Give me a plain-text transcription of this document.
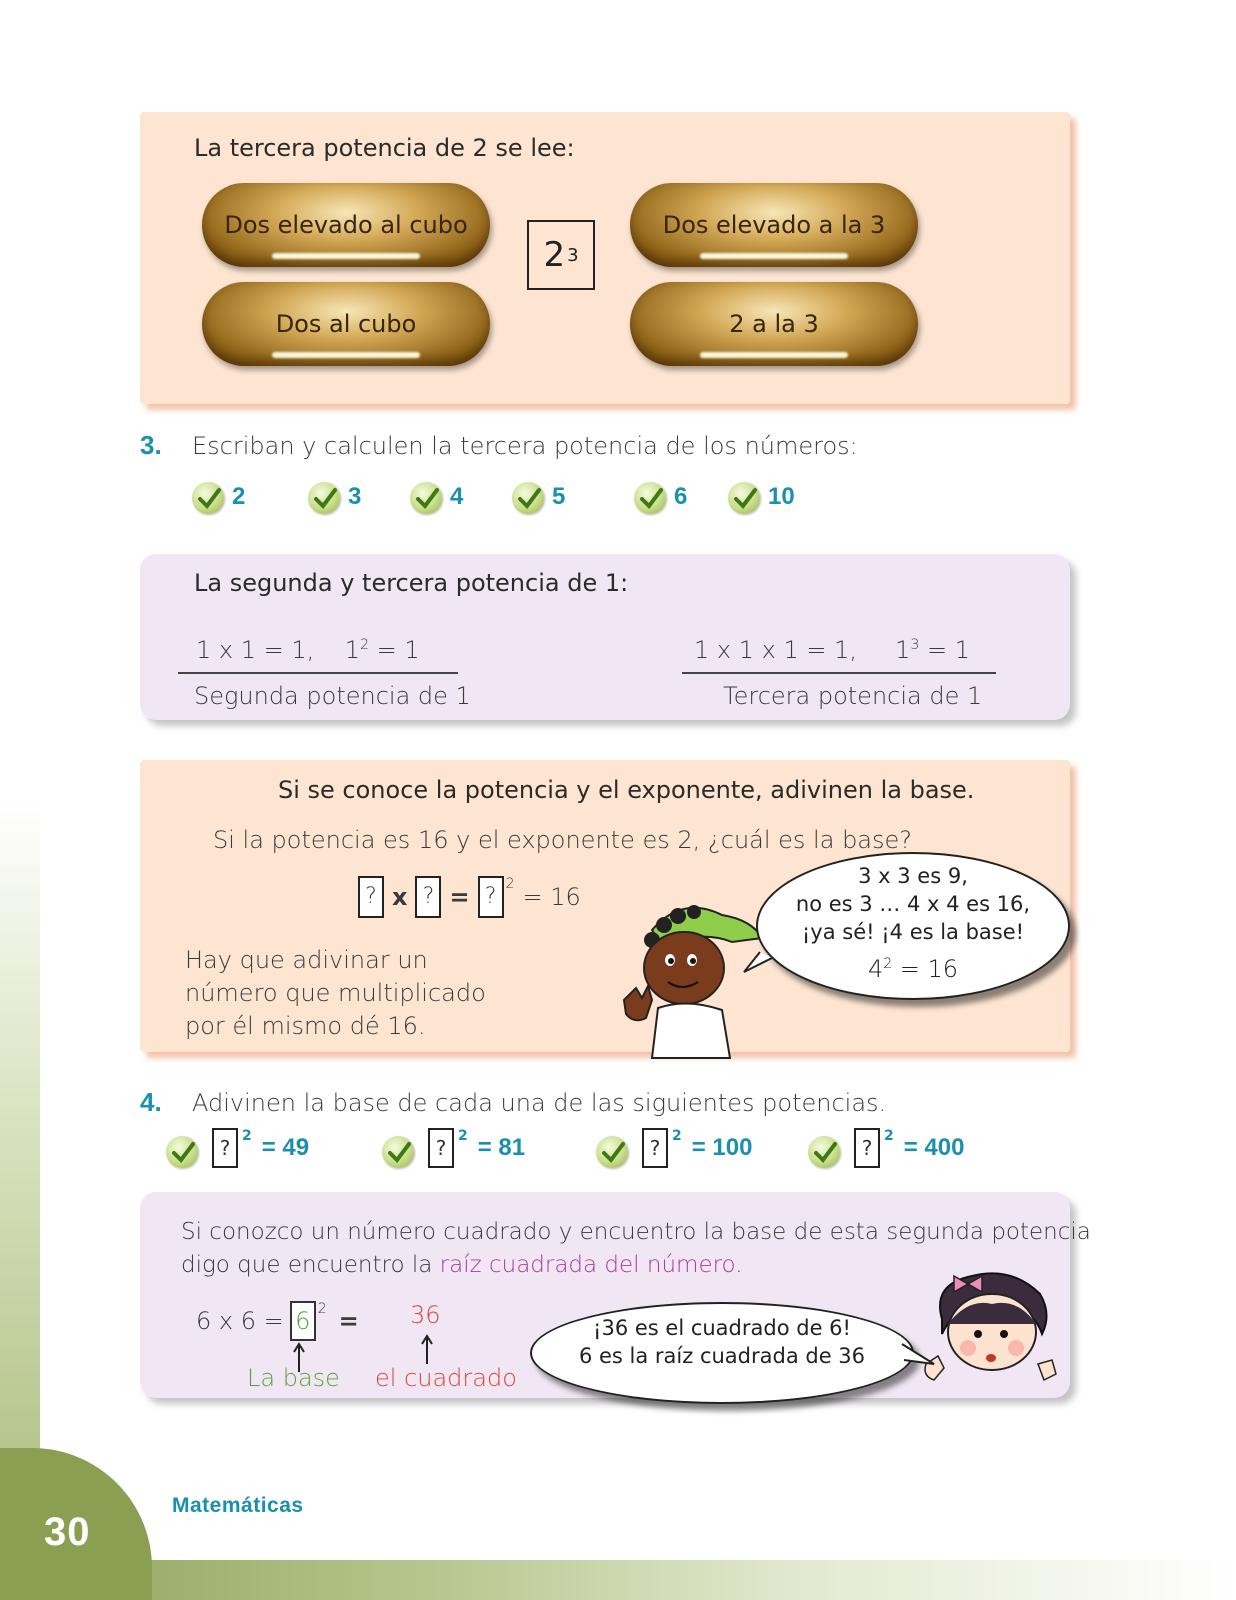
30
Matemáticas
La tercera potencia de 2 se lee:
Dos elevado al cubo	Dos elevado a la 3
Dos al cubo	2 a la 3
2 3
3. Escriban y calculen la tercera potencia de los números:
2	3	4	5	6	10
La segunda y tercera potencia de 1:
1 x 1 = 1, $1^2 = 1$
Segunda potencia de 1
1 x 1 x 1 = 1, $1^3 = 1$
Tercera potencia de 1
Si se conoce la potencia y el exponente, adivinen la base.
Si la potencia es 16 y el exponente es 2, ¿cuál es la base?
? x ? = ? $^2$ = 16
Hay que adivinar un
número que multiplicado
por él mismo dé 16.
3 x 3 es 9,
no es 3 … 4 x 4 es 16,
¡ya sé! ¡4 es la base!
$4^2 = 16$
4. Adivinen la base de cada una de las siguientes potencias.
? 2 = 49	? 2 = 81	? 2 = 100	? 2 = 400
Si conozco un número cuadrado y encuentro la base de esta segunda potencia
digo que encuentro la raíz cuadrada del número.
6 x 6 = 6 $^2$ = 36
La base el cuadrado
¡36 es el cuadrado de 6!
6 es la raíz cuadrada de 36
